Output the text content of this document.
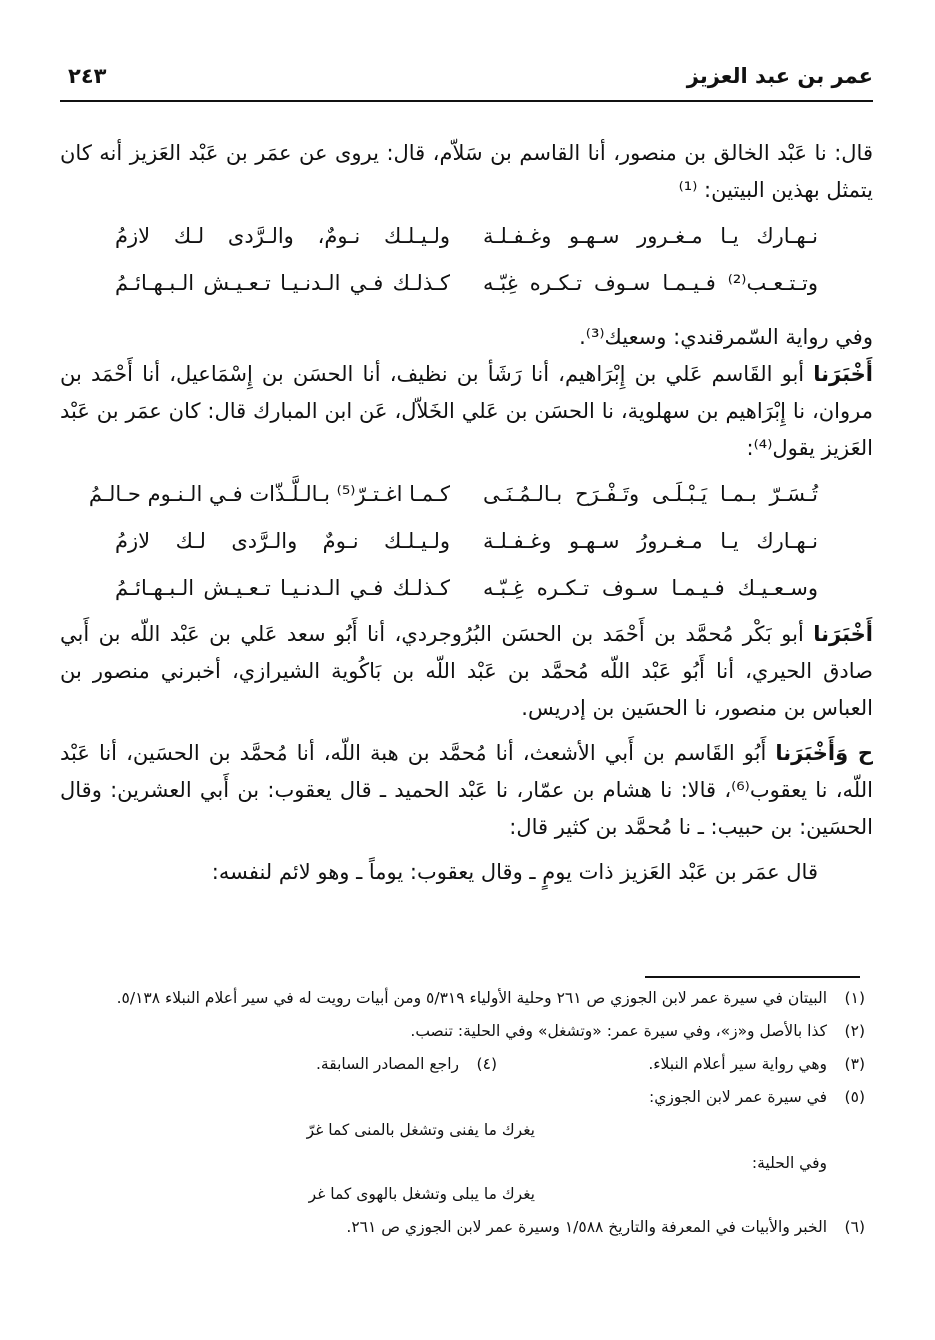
عمر بن عبد العزيز
٢٤٣

قال: نا عَبْد الخالق بن منصور، أنا القاسم بن سَلاّم، قال: يروى عن عمَر بن عَبْد العَزيز أنه كان يتمثل بهذين البيتين: ⁽¹⁾

نـهـارك يـا مـغـرور سـهـو وغـفـلـة
ولـيـلـك نـومٌ، والـرَّدى لـك لازمُ
وتـتـعـب⁽²⁾ فـيـمـا سـوف تـكـره غِبّـه
كـذلـك فـي الـدنـيـا تـعـيـش الـبـهـائـمُ

وفي رواية السّمرقندي: وسعيك⁽³⁾.

أَخْبَرَنا أبو القَاسم عَلي بن إِبْرَاهيم، أنا رَشَأ بن نظيف، أنا الحسَن بن إِسْمَاعيل، أنا أَحْمَد بن مروان، نا إِبْرَاهيم بن سهلوية، نا الحسَن بن عَلي الخَلاّل، عَن ابن المبارك قال: كان عمَر بن عَبْد العَزيز يقول⁽⁴⁾:

تُـسَـرّ بـمـا يَـبْـلَـى وتَـفْـرَح بـالـمُـنَـى
كـمـا اغـتـرّ⁽⁵⁾ بـالـلَّـذّات فـي الـنـوم حـالـمُ
نـهـارك يـا مـغـرورُ سـهـو وغـفـلـة
ولـيـلـك نـومٌ والـرَّدى لـك لازمُ
وسـعـيـك فـيـمـا سـوف تـكـره غِـبّـه
كـذلـك فـي الـدنـيـا تـعـيـش الـبـهـائـمُ

أَخْبَرَنا أبو بَكْر مُحمَّد بن أَحْمَد بن الحسَن البُرُوجردي، أنا أَبُو سعد عَلي بن عَبْد اللّه بن أَبي صادق الحيري، أنا أَبُو عَبْد اللّه مُحمَّد بن عَبْد اللّه بن بَاكُوية الشيرازي، أخبرني منصور بن العباس بن منصور، نا الحسَين بن إدريس.

ح وَأَخْبَرَنا أَبُو القَاسم بن أَبي الأشعث، أنا مُحمَّد بن هبة اللّه، أنا مُحمَّد بن الحسَين، أنا عَبْد اللّه، نا يعقوب⁽⁶⁾، قالا: نا هشام بن عمّار، نا عَبْد الحميد ـ قال يعقوب: بن أَبي العشرين: وقال الحسَين: بن حبيب: ـ نا مُحمَّد بن كثير قال:

قال عمَر بن عَبْد العَزيز ذات يومٍ ـ وقال يعقوب: يوماً ـ وهو لائم لنفسه:

(١)
البيتان في سيرة عمر لابن الجوزي ص ٢٦١ وحلية الأولياء ٥/٣١٩ ومن أبيات رويت له في سير أعلام النبلاء ٥/١٣٨.
(٢)
كذا بالأصل و«ز»، وفي سيرة عمر: «وتشغل» وفي الحلية: تنصب.
(٣)
وهي رواية سير أعلام النبلاء.
(٤)
راجع المصادر السابقة.
(٥)
في سيرة عمر لابن الجوزي:
يغرك ما يفنى وتشغل بالمنى كما غرّ
وفي الحلية:
يغرك ما يبلى وتشغل بالهوى كما غر
(٦)
الخبر والأبيات في المعرفة والتاريخ ١/٥٨٨ وسيرة عمر لابن الجوزي ص ٢٦١.
